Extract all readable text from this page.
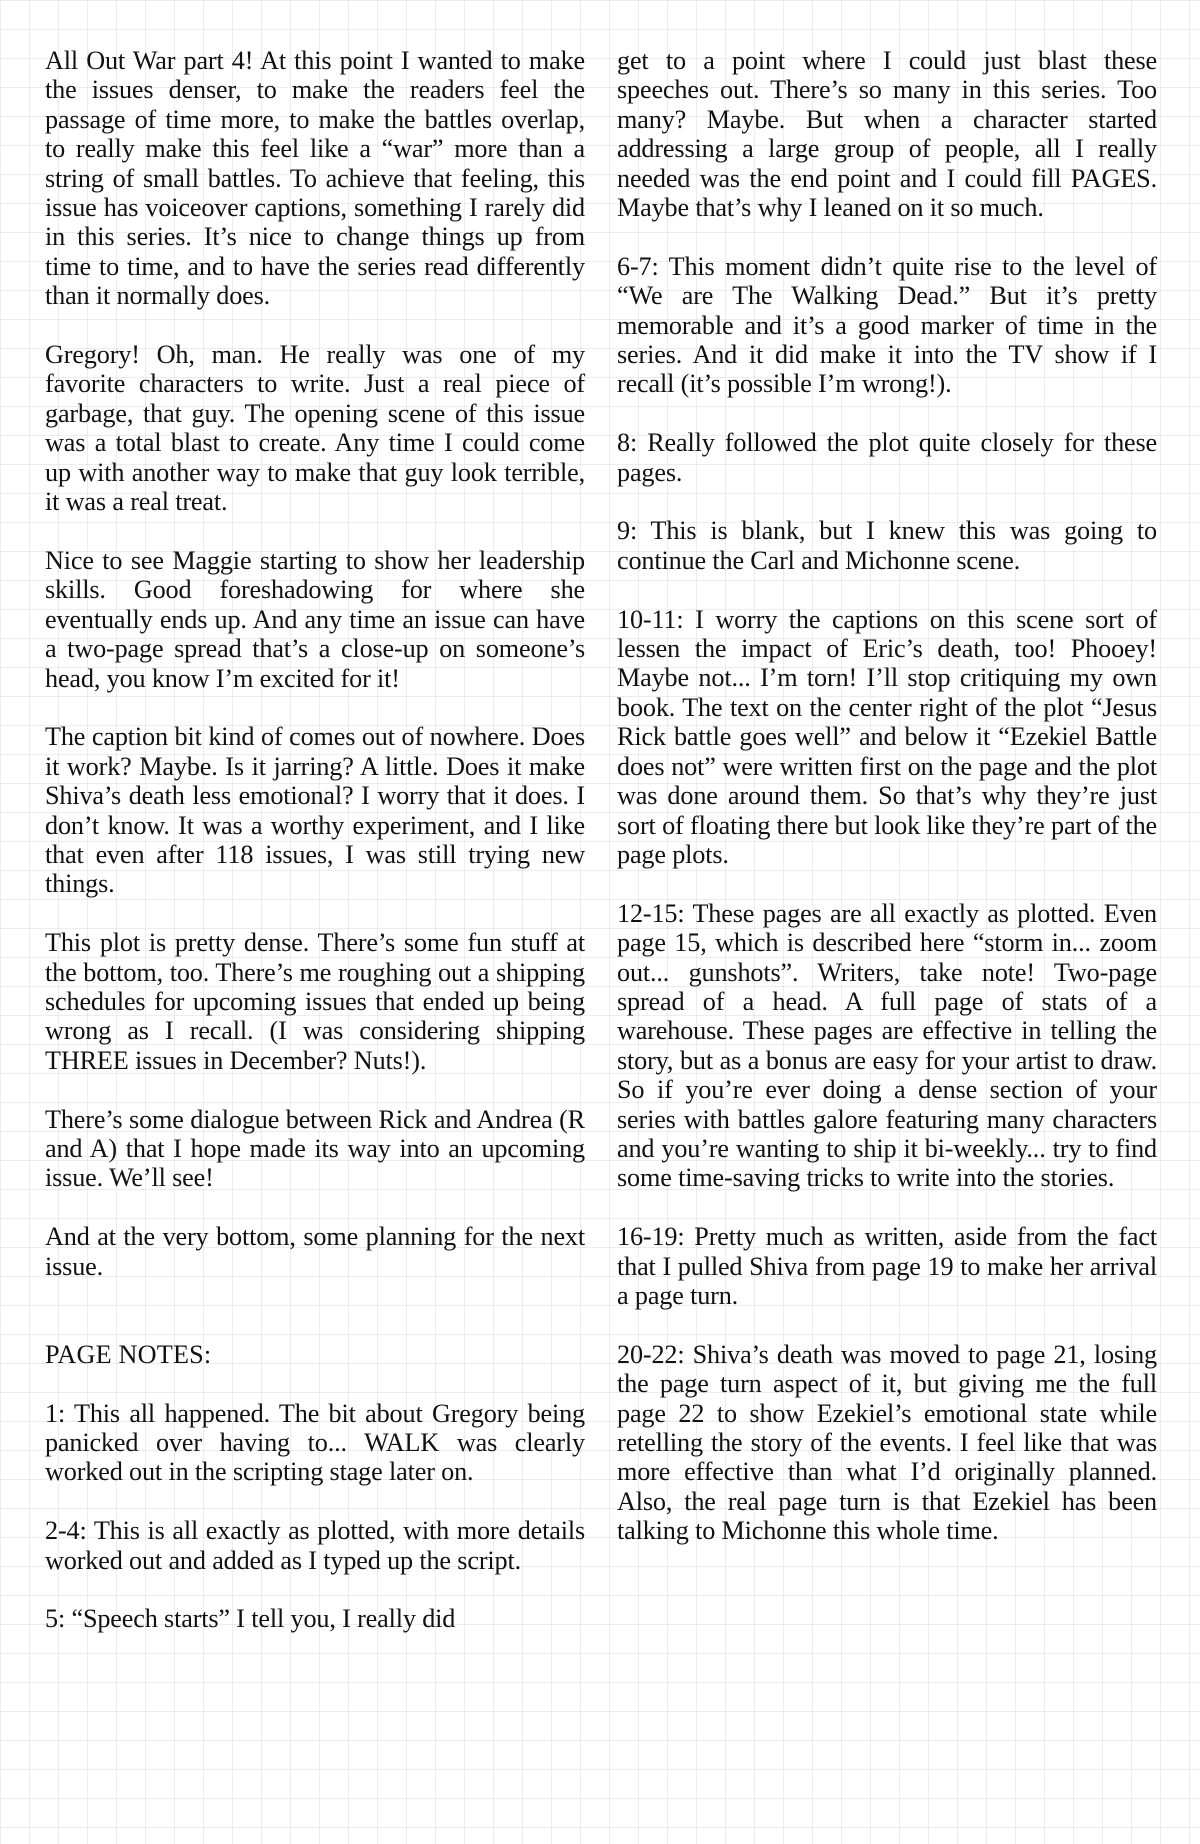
All Out War part 4! At this point I wanted to make the issues denser, to make the readers feel the passage of time more, to make the battles overlap, to really make this feel like a “war” more than a string of small battles. To achieve that feeling, this issue has voiceover captions, something I rarely did in this series. It’s nice to change things up from time to time, and to have the series read differently than it normally does.

Gregory! Oh, man. He really was one of my favorite characters to write. Just a real piece of garbage, that guy. The opening scene of this issue was a total blast to create. Any time I could come up with another way to make that guy look terrible, it was a real treat.

Nice to see Maggie starting to show her leadership skills. Good foreshadowing for where she eventually ends up. And any time an issue can have a two-page spread that’s a close-up on someone’s head, you know I’m excited for it!

The caption bit kind of comes out of nowhere. Does it work? Maybe. Is it jarring? A little. Does it make Shiva’s death less emotional? I worry that it does. I don’t know. It was a worthy experiment, and I like that even after 118 issues, I was still trying new things.

This plot is pretty dense. There’s some fun stuff at the bottom, too. There’s me roughing out a shipping schedules for upcoming issues that ended up being wrong as I recall. (I was considering shipping THREE issues in December? Nuts!).

There’s some dialogue between Rick and Andrea (R and A) that I hope made its way into an upcoming issue. We’ll see!

And at the very bottom, some planning for the next issue.

PAGE NOTES:

1: This all happened. The bit about Gregory being panicked over having to... WALK was clearly worked out in the scripting stage later on.

2-4: This is all exactly as plotted, with more details worked out and added as I typed up the script.

5: “Speech starts” I tell you, I really did

get to a point where I could just blast these speeches out. There’s so many in this series. Too many? Maybe. But when a character started addressing a large group of people, all I really needed was the end point and I could fill PAGES. Maybe that’s why I leaned on it so much.

6-7: This moment didn’t quite rise to the level of “We are The Walking Dead.” But it’s pretty memorable and it’s a good marker of time in the series. And it did make it into the TV show if I recall (it’s possible I’m wrong!).

8: Really followed the plot quite closely for these pages.

9: This is blank, but I knew this was going to continue the Carl and Michonne scene.

10-11: I worry the captions on this scene sort of lessen the impact of Eric’s death, too! Phooey! Maybe not... I’m torn! I’ll stop critiquing my own book. The text on the center right of the plot “Jesus Rick battle goes well” and below it “Ezekiel Battle does not” were written first on the page and the plot was done around them. So that’s why they’re just sort of floating there but look like they’re part of the page plots.

12-15: These pages are all exactly as plotted. Even page 15, which is described here “storm in... zoom out... gunshots”. Writers, take note! Two-page spread of a head. A full page of stats of a warehouse. These pages are effective in telling the story, but as a bonus are easy for your artist to draw. So if you’re ever doing a dense section of your series with battles galore featuring many characters and you’re wanting to ship it bi-weekly... try to find some time-saving tricks to write into the stories.

16-19: Pretty much as written, aside from the fact that I pulled Shiva from page 19 to make her arrival a page turn.

20-22: Shiva’s death was moved to page 21, losing the page turn aspect of it, but giving me the full page 22 to show Ezekiel’s emotional state while retelling the story of the events. I feel like that was more effective than what I’d originally planned. Also, the real page turn is that Ezekiel has been talking to Michonne this whole time.
